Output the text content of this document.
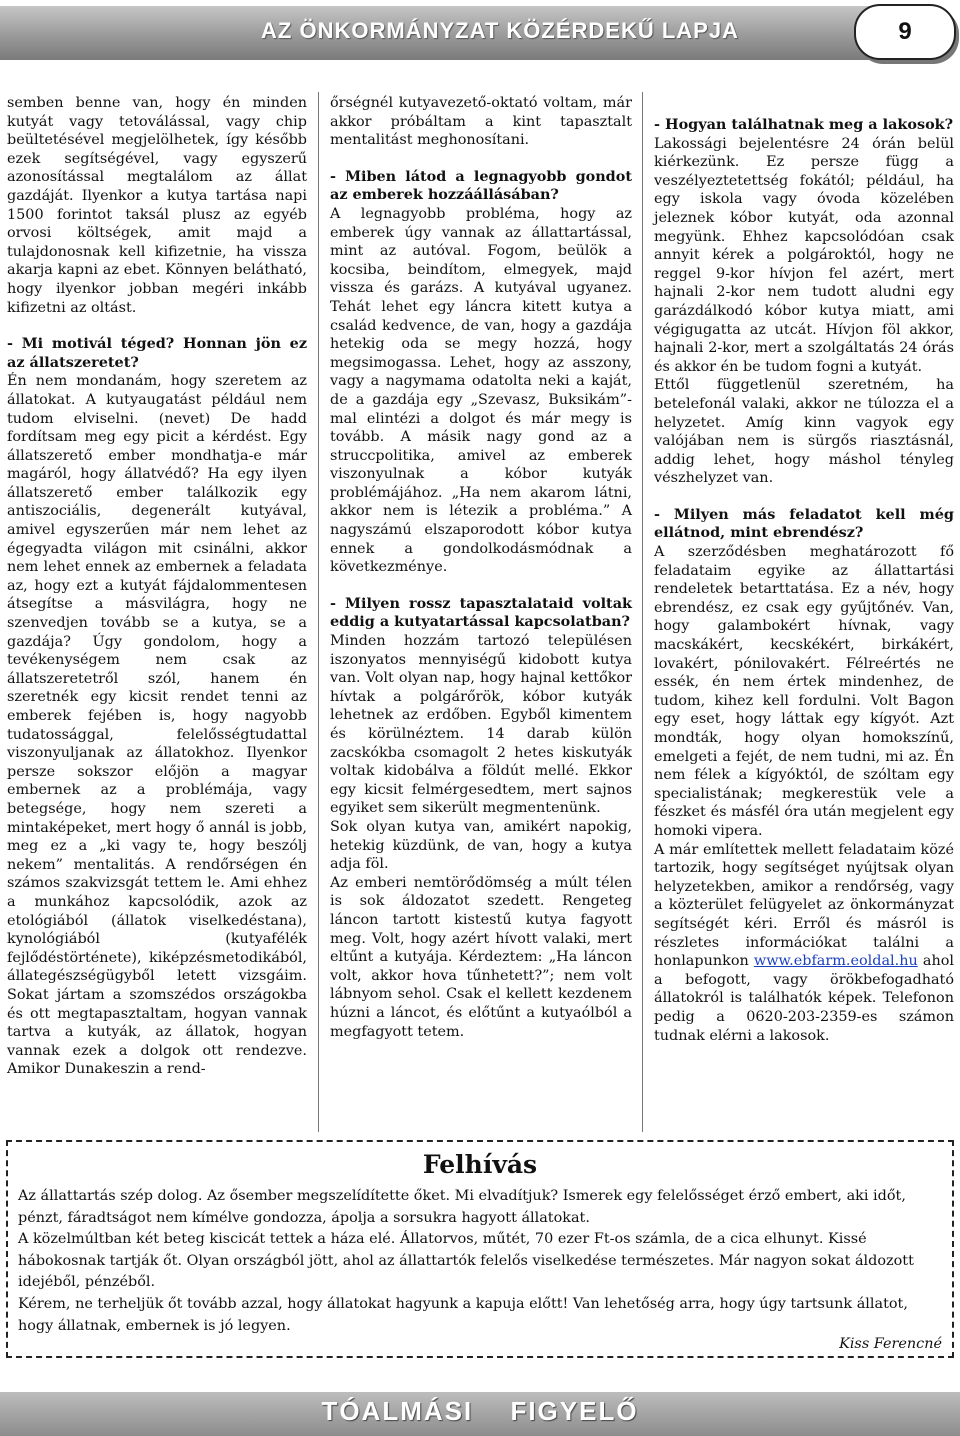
AZ ÖNKORMÁNYZAT KÖZÉRDEKŰ LAPJA	9

semben benne van, hogy én minden kutyát vagy tetoválással, vagy chip beültetésével megjelölhetek, így később ezek segítségével, vagy egyszerű azonosítással megtalálom az állat gazdáját. Ilyenkor a kutya tartása napi 1500 forintot taksál plusz az egyéb orvosi költségek, amit majd a tulajdonosnak kell kifizetnie, ha vissza akarja kapni az ebet. Könnyen belátható, hogy ilyenkor jobban megéri inkább kifizetni az oltást.

- Mi motivál téged? Honnan jön ez az állatszeretet?

Én nem mondanám, hogy szeretem az állatokat. A kutyaugatást például nem tudom elviselni. (nevet) De hadd fordítsam meg egy picit a kérdést. Egy állatszerető ember mondhatja-e már magáról, hogy állatvédő? Ha egy ilyen állatszerető ember találkozik egy antiszociális, degenerált kutyával, amivel egyszerűen már nem lehet az égegyadta világon mit csinálni, akkor nem lehet ennek az embernek a feladata az, hogy ezt a kutyát fájdalommentesen átsegítse a másvilágra, hogy ne szenvedjen tovább se a kutya, se a gazdája? Úgy gondolom, hogy a tevékenységem nem csak az állatszeretetről szól, hanem én szeretnék egy kicsit rendet tenni az emberek fejében is, hogy nagyobb tudatossággal, felelősségtudattal viszonyuljanak az állatokhoz. Ilyenkor persze sokszor előjön a magyar embernek az a problémája, vagy betegsége, hogy nem szereti a mintaképeket, mert hogy ő annál is jobb, meg ez a „ki vagy te, hogy beszólj nekem” mentalitás. A rendőrségen én számos szakvizsgát tettem le. Ami ehhez a munkához kapcsolódik, azok az etológiából (állatok viselkedéstana), kynológiából (kutyafélék fejlődéstörténete), kiképzésmetodikából, állategészségügyből letett vizsgáim. Sokat jártam a szomszédos országokba és ott megtapasztaltam, hogyan vannak tartva a kutyák, az állatok, hogyan vannak ezek a dolgok ott rendezve. Amikor Dunakeszin a rend-

őrségnél kutyavezető-oktató voltam, már akkor próbáltam a kint tapasztalt mentalitást meghonosítani.

- Miben látod a legnagyobb gondot az emberek hozzáállásában?

A legnagyobb probléma, hogy az emberek úgy vannak az állattartással, mint az autóval. Fogom, beülök a kocsiba, beindítom, elmegyek, majd vissza és garázs. A kutyával ugyanez. Tehát lehet egy láncra kitett kutya a család kedvence, de van, hogy a gazdája hetekig oda se megy hozzá, hogy megsimogassa. Lehet, hogy az asszony, vagy a nagymama odatolta neki a kaját, de a gazdája egy „Szevasz, Buksikám”-mal elintézi a dolgot és már megy is tovább. A másik nagy gond az a struccpolitika, amivel az emberek viszonyulnak a kóbor kutyák problémájához. „Ha nem akarom látni, akkor nem is létezik a probléma.” A nagyszámú elszaporodott kóbor kutya ennek a gondolkodásmódnak a következménye.

- Milyen rossz tapasztalataid voltak eddig a kutyatartással kapcsolatban?

Minden hozzám tartozó településen iszonyatos mennyiségű kidobott kutya van. Volt olyan nap, hogy hajnal kettőkor hívtak a polgárőrök, kóbor kutyák lehetnek az erdőben. Egyből kimentem és körülnéztem. 14 darab külön zacskókba csomagolt 2 hetes kiskutyák voltak kidobálva a földút mellé. Ekkor egy kicsit felmérgesedtem, mert sajnos egyiket sem sikerült megmentenünk.

Sok olyan kutya van, amikért napokig, hetekig küzdünk, de van, hogy a kutya adja föl.

Az emberi nemtörődömség a múlt télen is sok áldozatot szedett. Rengeteg láncon tartott kistestű kutya fagyott meg. Volt, hogy azért hívott valaki, mert eltűnt a kutyája. Kérdeztem: „Ha láncon volt, akkor hova tűnhetett?”; nem volt lábnyom sehol. Csak el kellett kezdenem húzni a láncot, és előtűnt a kutyaólból a megfagyott tetem.

- Hogyan találhatnak meg a lakosok?

Lakossági bejelentésre 24 órán belül kiérkezünk. Ez persze függ a veszélyeztetettség fokától; például, ha egy iskola vagy óvoda közelében jeleznek kóbor kutyát, oda azonnal megyünk. Ehhez kapcsolódóan csak annyit kérek a polgároktól, hogy ne reggel 9-kor hívjon fel azért, mert hajnali 2-kor nem tudott aludni egy garázdálkodó kóbor kutya miatt, ami végigugatta az utcát. Hívjon föl akkor, hajnali 2-kor, mert a szolgáltatás 24 órás és akkor én be tudom fogni a kutyát.

Ettől függetlenül szeretném, ha betelefonál valaki, akkor ne túlozza el a helyzetet. Amíg kinn vagyok egy valójában nem is sürgős riasztásnál, addig lehet, hogy máshol tényleg vészhelyzet van.

- Milyen más feladatot kell még ellátnod, mint ebrendész?

A szerződésben meghatározott fő feladataim egyike az állattartási rendeletek betarttatása. Ez a név, hogy ebrendész, ez csak egy gyűjtőnév. Van, hogy galambokért hívnak, vagy macskákért, kecskékért, birkákért, lovakért, pónilovakért. Félreértés ne essék, én nem értek mindenhez, de tudom, kihez kell fordulni. Volt Bagon egy eset, hogy láttak egy kígyót. Azt mondták, hogy olyan homokszínű, emelgeti a fejét, de nem tudni, mi az. Én nem félek a kígyóktól, de szóltam egy specialistának; megkerestük vele a fészket és másfél óra után megjelent egy homoki vipera.

A már említettek mellett feladataim közé tartozik, hogy segítséget nyújtsak olyan helyzetekben, amikor a rendőrség, vagy a közterület felügyelet az önkormányzat segítségét kéri. Erről és másról is részletes információkat találni a honlapunkon www.ebfarm.eoldal.hu ahol a befogott, vagy örökbefogadható állatokról is találhatók képek. Telefonon pedig a 0620-203-2359-es számon tudnak elérni a lakosok.

Felhívás

Az állattartás szép dolog. Az ősember megszelídítette őket. Mi elvadítjuk? Ismerek egy felelősséget érző embert, aki időt, pénzt, fáradtságot nem kímélve gondozza, ápolja a sorsukra hagyott állatokat.

A közelmúltban két beteg kiscicát tettek a háza elé. Állatorvos, műtét, 70 ezer Ft-os számla, de a cica elhunyt. Kissé hábokosnak tartják őt. Olyan országból jött, ahol az állattartók felelős viselkedése természetes. Már nagyon sokat áldozott idejéből, pénzéből.

Kérem, ne terheljük őt tovább azzal, hogy állatokat hagyunk a kapuja előtt! Van lehetőség arra, hogy úgy tartsunk állatot, hogy állatnak, embernek is jó legyen.

Kiss Ferencné
TÓALMÁSI FIGYELŐ
